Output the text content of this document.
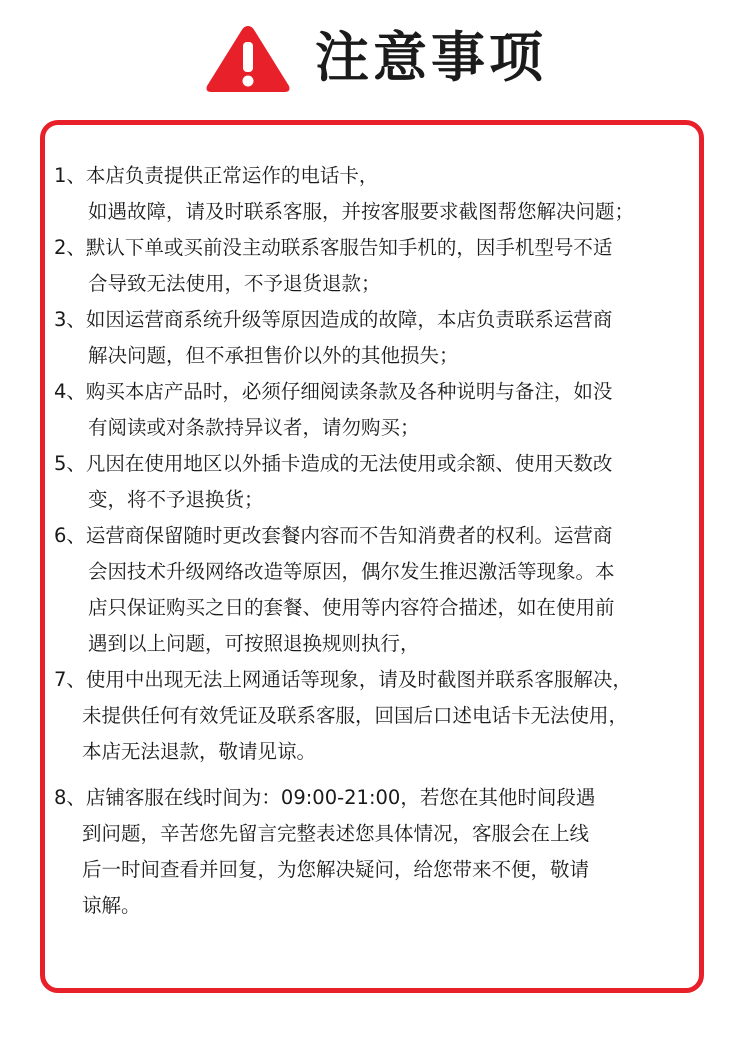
注意事项
1、本店负责提供正常运作的电话卡，
如遇故障，请及时联系客服，并按客服要求截图帮您解决问题；
2、默认下单或买前没主动联系客服告知手机的，因手机型号不适
合导致无法使用，不予退货退款；
3、如因运营商系统升级等原因造成的故障，本店负责联系运营商
解决问题，但不承担售价以外的其他损失；
4、购买本店产品时，必须仔细阅读条款及各种说明与备注，如没
有阅读或对条款持异议者，请勿购买；
5、凡因在使用地区以外插卡造成的无法使用或余额、使用天数改
变，将不予退换货；
6、运营商保留随时更改套餐内容而不告知消费者的权利。运营商
会因技术升级网络改造等原因，偶尔发生推迟激活等现象。本
店只保证购买之日的套餐、使用等内容符合描述，如在使用前
遇到以上问题，可按照退换规则执行，
7、使用中出现无法上网通话等现象，请及时截图并联系客服解决，
未提供任何有效凭证及联系客服，回国后口述电话卡无法使用，
本店无法退款，敬请见谅。
8、店铺客服在线时间为：09:00-21:00，若您在其他时间段遇
到问题，辛苦您先留言完整表述您具体情况，客服会在上线
后一时间查看并回复，为您解决疑问，给您带来不便，敬请
谅解。
